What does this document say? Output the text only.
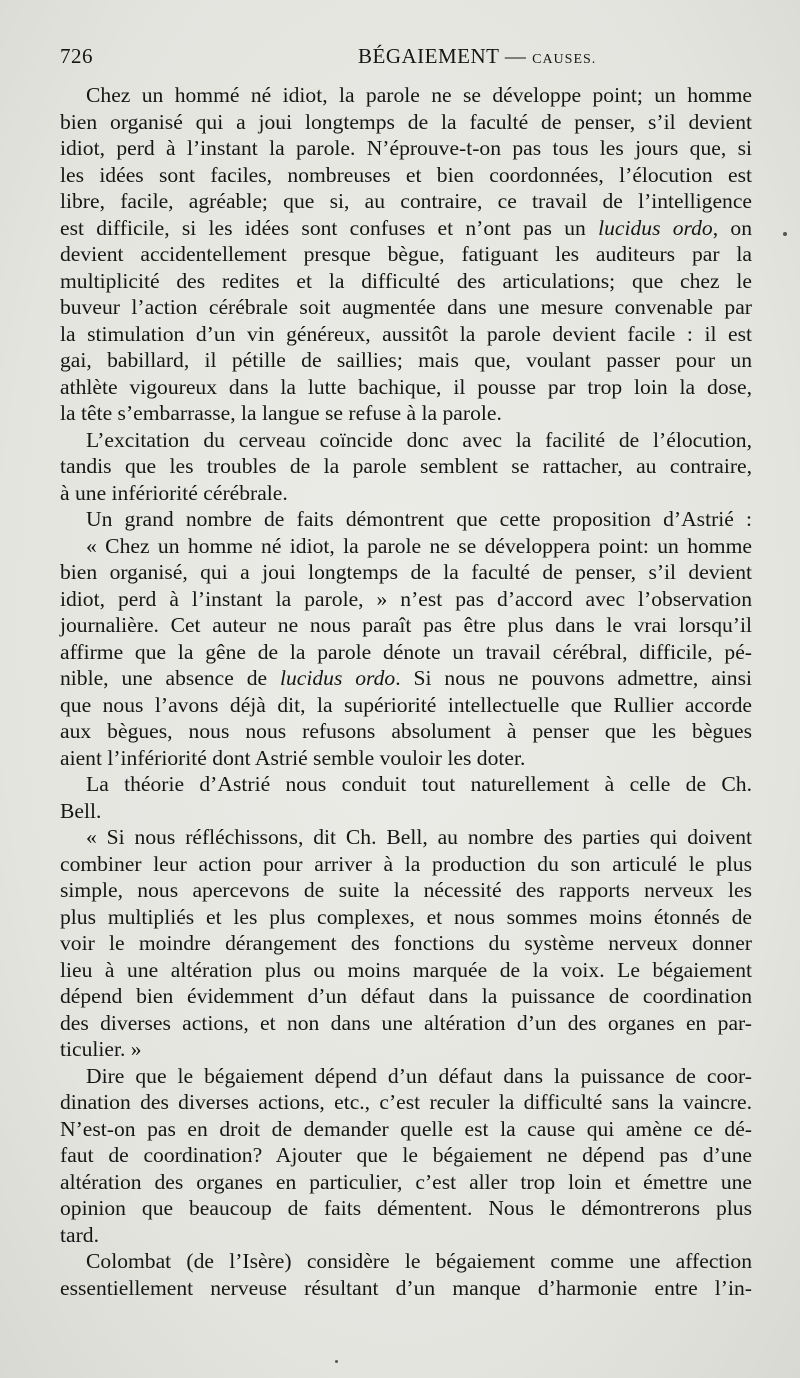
726	BÉGAIEMENT — CAUSES.
Chez un hommé né idiot, la parole ne se développe point; un homme
bien organisé qui a joui longtemps de la faculté de penser, s’il devient
idiot, perd à l’instant la parole. N’éprouve-t-on pas tous les jours que, si
les idées sont faciles, nombreuses et bien coordonnées, l’élocution est
libre, facile, agréable; que si, au contraire, ce travail de l’intelligence
est difficile, si les idées sont confuses et n’ont pas un lucidus ordo, on
devient accidentellement presque bègue, fatiguant les auditeurs par la
multiplicité des redites et la difficulté des articulations; que chez le
buveur l’action cérébrale soit augmentée dans une mesure convenable par
la stimulation d’un vin généreux, aussitôt la parole devient facile : il est
gai, babillard, il pétille de saillies; mais que, voulant passer pour un
athlète vigoureux dans la lutte bachique, il pousse par trop loin la dose,
la tête s’embarrasse, la langue se refuse à la parole.
L’excitation du cerveau coïncide donc avec la facilité de l’élocution,
tandis que les troubles de la parole semblent se rattacher, au contraire,
à une infériorité cérébrale.
Un grand nombre de faits démontrent que cette proposition d’Astrié :
« Chez un homme né idiot, la parole ne se développera point: un homme
bien organisé, qui a joui longtemps de la faculté de penser, s’il devient
idiot, perd à l’instant la parole, » n’est pas d’accord avec l’observation
journalière. Cet auteur ne nous paraît pas être plus dans le vrai lorsqu’il
affirme que la gêne de la parole dénote un travail cérébral, difficile, pé-
nible, une absence de lucidus ordo. Si nous ne pouvons admettre, ainsi
que nous l’avons déjà dit, la supériorité intellectuelle que Rullier accorde
aux bègues, nous nous refusons absolument à penser que les bègues
aient l’infériorité dont Astrié semble vouloir les doter.
La théorie d’Astrié nous conduit tout naturellement à celle de Ch.
Bell.
« Si nous réfléchissons, dit Ch. Bell, au nombre des parties qui doivent
combiner leur action pour arriver à la production du son articulé le plus
simple, nous apercevons de suite la nécessité des rapports nerveux les
plus multipliés et les plus complexes, et nous sommes moins étonnés de
voir le moindre dérangement des fonctions du système nerveux donner
lieu à une altération plus ou moins marquée de la voix. Le bégaiement
dépend bien évidemment d’un défaut dans la puissance de coordination
des diverses actions, et non dans une altération d’un des organes en par-
ticulier. »
Dire que le bégaiement dépend d’un défaut dans la puissance de coor-
dination des diverses actions, etc., c’est reculer la difficulté sans la vaincre.
N’est-on pas en droit de demander quelle est la cause qui amène ce dé-
faut de coordination? Ajouter que le bégaiement ne dépend pas d’une
altération des organes en particulier, c’est aller trop loin et émettre une
opinion que beaucoup de faits démentent. Nous le démontrerons plus
tard.
Colombat (de l’Isère) considère le bégaiement comme une affection
essentiellement nerveuse résultant d’un manque d’harmonie entre l’in-
